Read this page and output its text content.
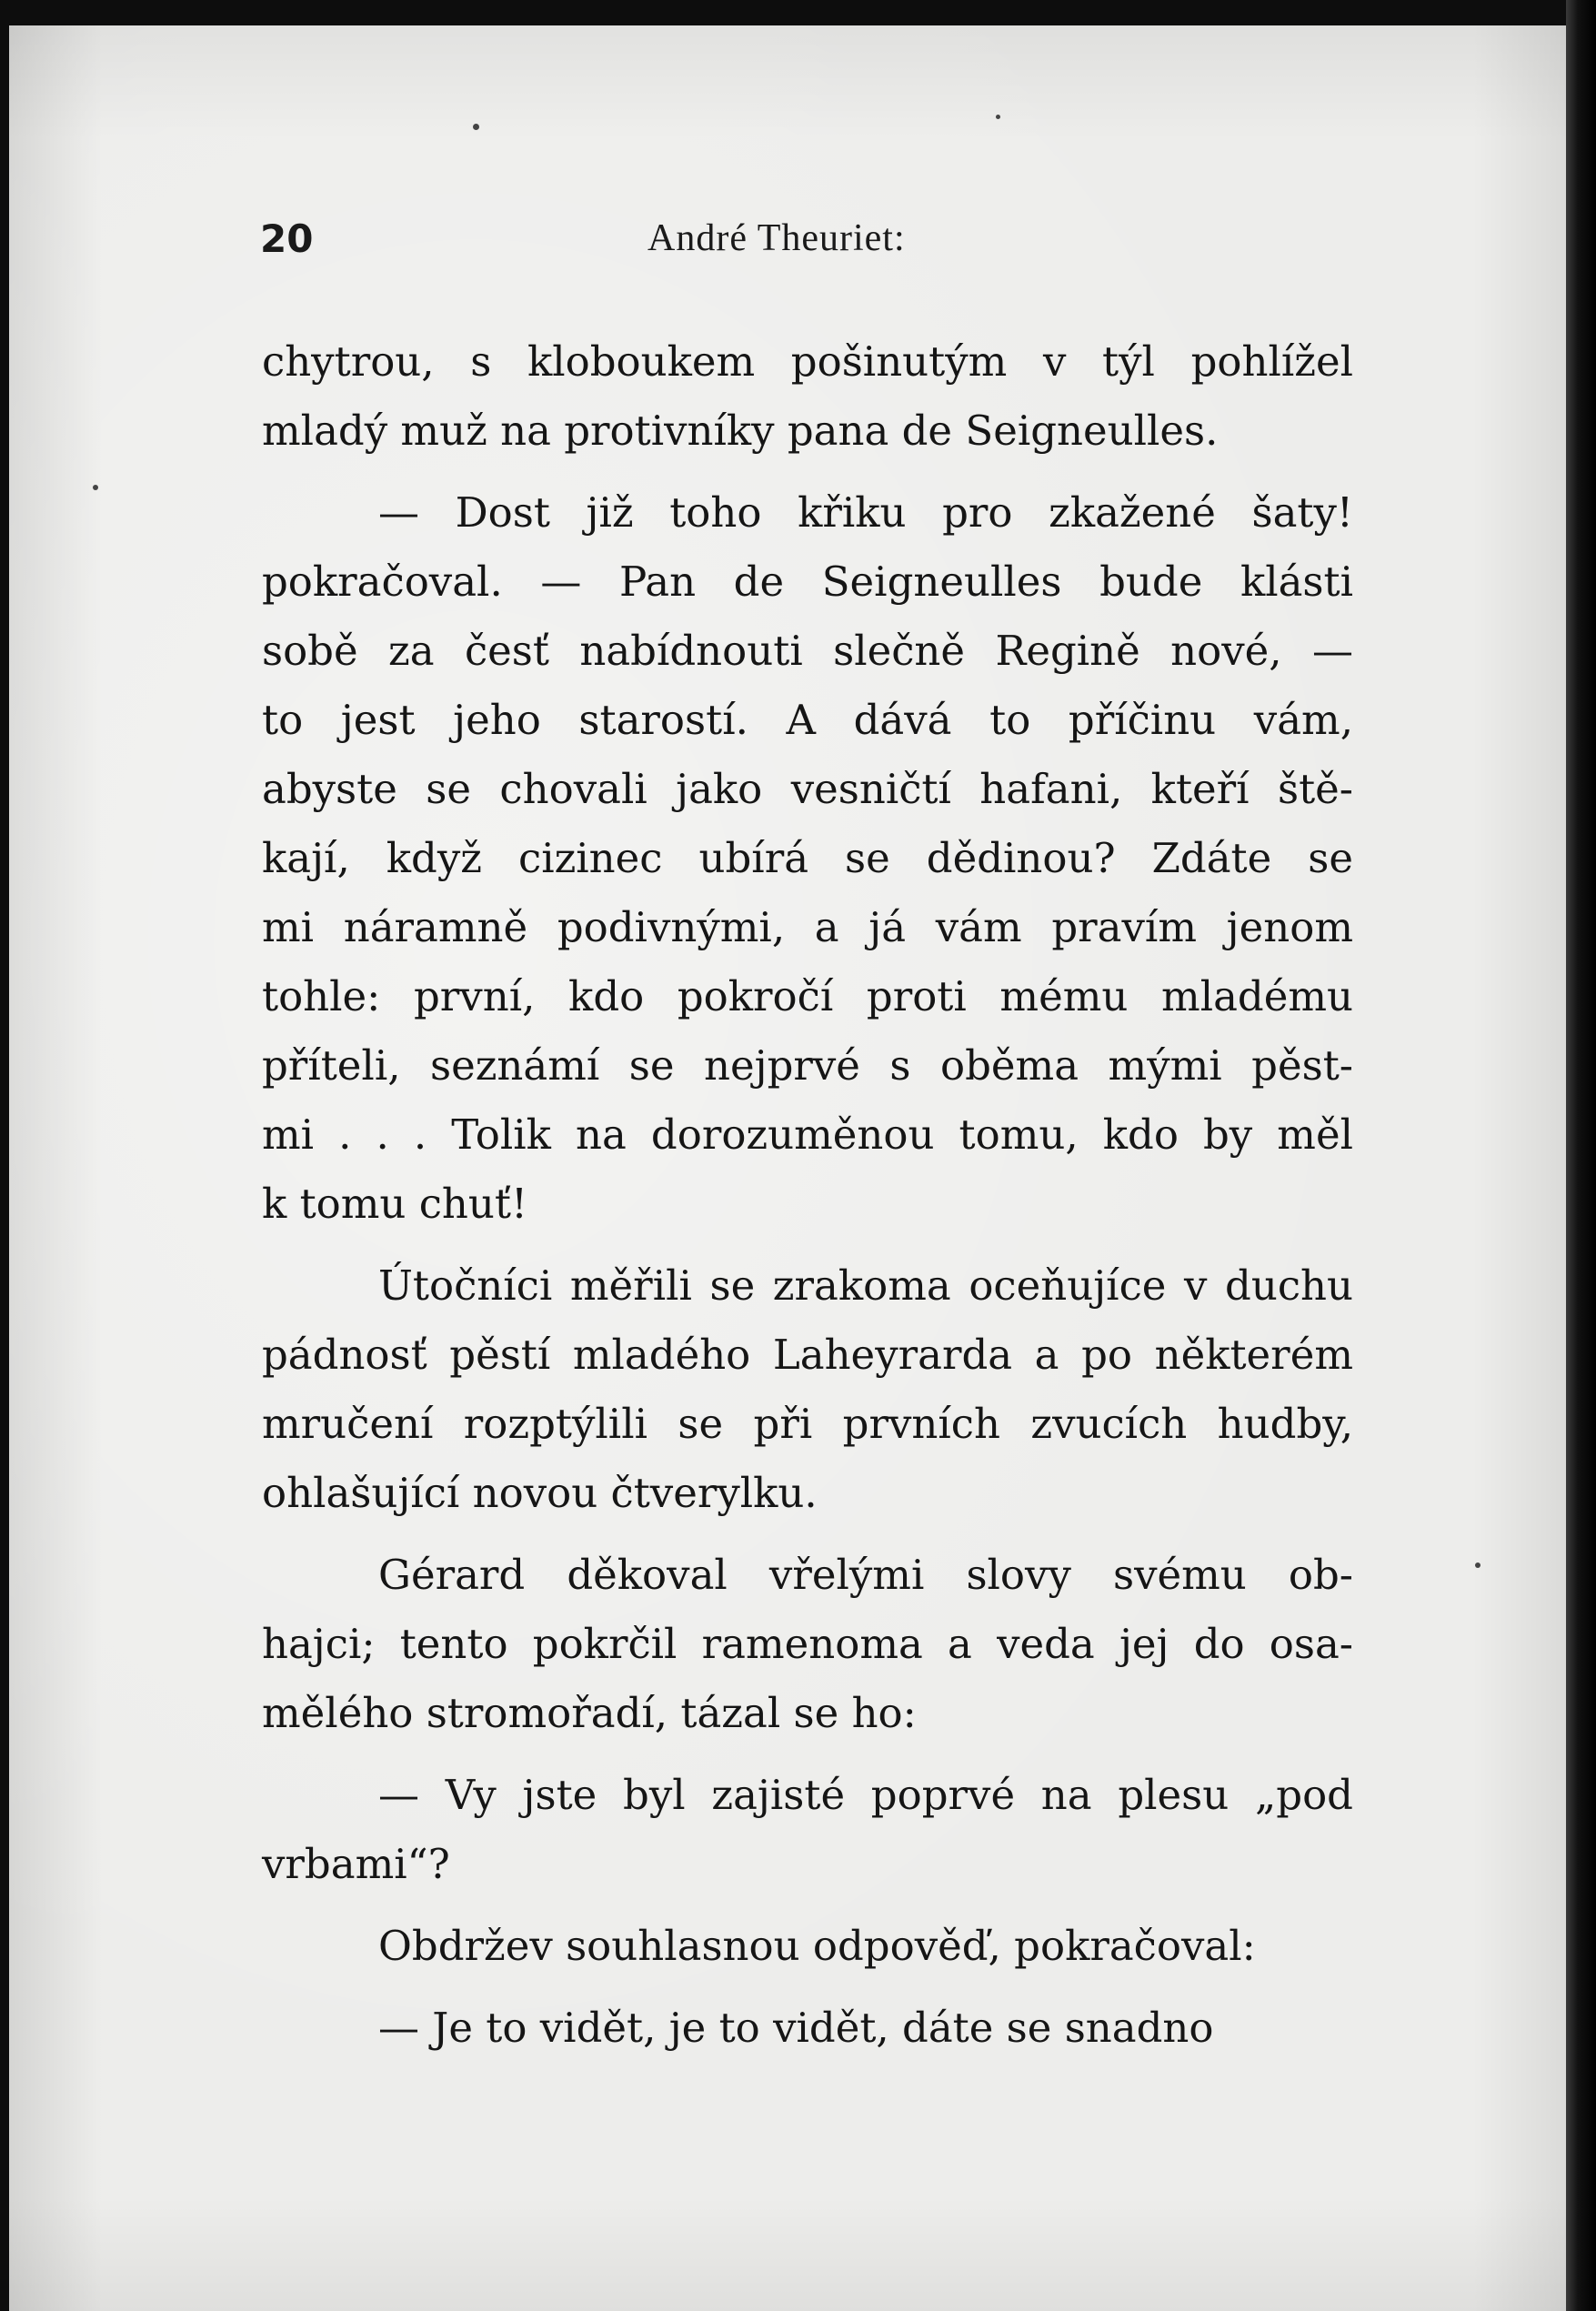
20	André Theuriet:
chytrou, s kloboukem pošinutým v týl pohlížel
mladý muž na protivníky pana de Seigneulles.
— Dost již toho křiku pro zkažené šaty!
pokračoval. — Pan de Seigneulles bude klásti
sobě za česť nabídnouti slečně Regině nové, —
to jest jeho starostí. A dává to příčinu vám,
abyste se chovali jako vesničtí hafani, kteří ště-
kají, když cizinec ubírá se dědinou? Zdáte se
mi náramně podivnými, a já vám pravím jenom
tohle: první, kdo pokročí proti mému mladému
příteli, seznámí se nejprvé s oběma mými pěst-
mi . . . Tolik na dorozuměnou tomu, kdo by měl
k tomu chuť!
Útočníci měřili se zrakoma oceňujíce v duchu
pádnosť pěstí mladého Laheyrarda a po některém
mručení rozptýlili se při prvních zvucích hudby,
ohlašující novou čtverylku.
Gérard děkoval vřelými slovy svému ob-
hajci; tento pokrčil ramenoma a veda jej do osa-
mělého stromořadí, tázal se ho:
— Vy jste byl zajisté poprvé na plesu „pod
vrbami“?
Obdržev souhlasnou odpověď, pokračoval:
— Je to vidět, je to vidět, dáte se snadno
